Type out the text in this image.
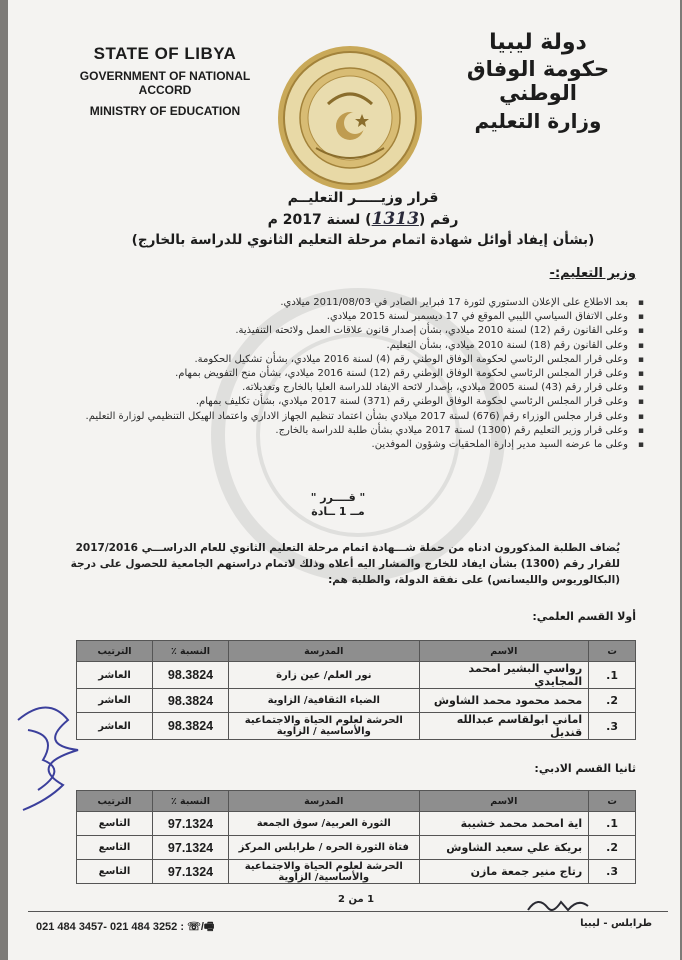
STATE OF LIBYA
GOVERNMENT OF NATIONAL ACCORD
MINISTRY OF EDUCATION
دولة ليبيا
حكومة الوفاق الوطني
وزارة التعليم
قرار وزيـــــر التعليــم
رقم (1313) لسنة 2017 م
(بشأن إيفاد أوائل شهادة اتمام مرحلة التعليم الثانوي للدراسة بالخارج)
وزير التعليم:-
▪ بعد الاطلاع على الإعلان الدستوري لثورة 17 فبراير الصادر في 2011/08/03 ميلادي.
▪ وعلى الاتفاق السياسي الليبي الموقع في 17 ديسمبر لسنة 2015 ميلادي.
▪ وعلى القانون رقم (12) لسنة 2010 ميلادي، بشأن إصدار قانون علاقات العمل ولائحته التنفيذية.
▪ وعلى القانون رقم (18) لسنة 2010 ميلادي، بشأن التعليم.
▪ وعلى قرار المجلس الرئاسي لحكومة الوفاق الوطني رقم (4) لسنة 2016 ميلادي، بشأن تشكيل الحكومة.
▪ وعلى قرار المجلس الرئاسي لحكومة الوفاق الوطني رقم (12) لسنة 2016 ميلادي، بشأن منح التفويض بمهام.
▪ وعلى قرار رقم (43) لسنة 2005 ميلادي، بإصدار لائحة الايفاد للدراسة العليا بالخارج وتعديلاته.
▪ وعلى قرار المجلس الرئاسي لحكومة الوفاق الوطني رقم (371) لسنة 2017 ميلادي، بشأن تكليف بمهام.
▪ وعلى قرار مجلس الوزراء رقم (676) لسنة 2017 ميلادي بشأن اعتماد تنظيم الجهاز الاداري واعتماد الهيكل التنظيمي لوزارة التعليم.
▪ وعلى قرار وزير التعليم رقم (1300) لسنة 2017 ميلادي بشأن طلبة للدراسة بالخارج.
▪ وعلى ما عرضه السيد مدير إدارة الملحقيات وشؤون الموفدين.
" قــــرر "
مــ 1 ــادة
يُضاف الطلبة المذكورون ادناه من حملة شـــهادة اتمام مرحلة التعليم الثانوي للعام الدراســـي 2017/2016 للقرار رقم (1300) بشأن ايفاد للخارج والمشار اليه أعلاه وذلك لاتمام دراستهم الجامعية للحصول على درجة (البكالوريوس والليسانس) على نفقة الدولة، والطلبة هم:
أولا القسم العلمي:
ت	الاسم	المدرسة	النسبة ٪	الترتيب
1.	رواسي البشير امحمد المجايدي	نور العلم/ عين زارة	98.3824	العاشر
2.	محمد محمود محمد الشاوش	الضياء الثقافية/ الزاوية	98.3824	العاشر
3.	اماني ابولقاسم عبدالله قنديل	الحرشة لعلوم الحياة والاجتماعية والأساسية / الزاوية	98.3824	العاشر
ثانيا القسم الادبي:
ت	الاسم	المدرسة	النسبة ٪	الترتيب
1.	اية امحمد محمد خشيبة	الثورة العربية/ سوق الجمعة	97.1324	التاسع
2.	بريكة علي سعيد الشاوش	فتاة الثورة الحره / طرابلس المركز	97.1324	التاسع
3.	رتاج منير جمعة مازن	الحرشة لعلوم الحياة والاجتماعية والأساسية/ الزاوية	97.1324	التاسع
1 من 2
021 484 3457- 021 484 3252 : ☏/🖷	طرابلس - ليبيا
